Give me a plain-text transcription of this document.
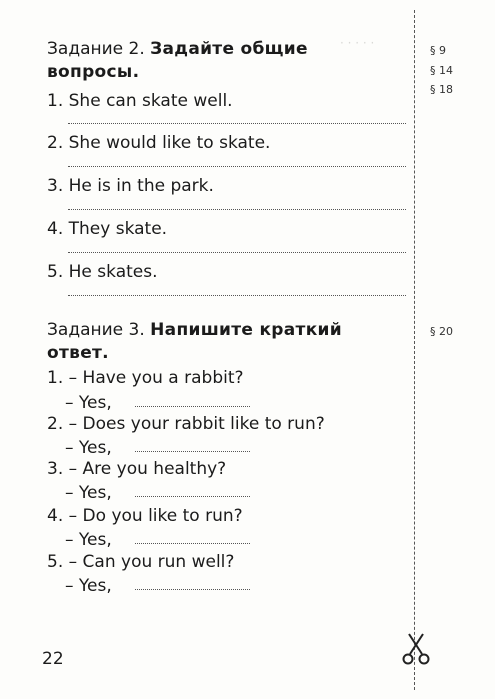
· · · · ·
Задание 2. Задайте общие
вопросы.
1. She can skate well.
2. She would like to skate.
3. He is in the park.
4. They skate.
5. He skates.
Задание 3. Напишите краткий
ответ.
1. – Have you a rabbit?
– Yes,
2. – Does your rabbit like to run?
– Yes,
3. – Are you healthy?
– Yes,
4. – Do you like to run?
– Yes,
5. – Can you run well?
– Yes,
§ 9
§ 14
§ 18
§ 20
22
